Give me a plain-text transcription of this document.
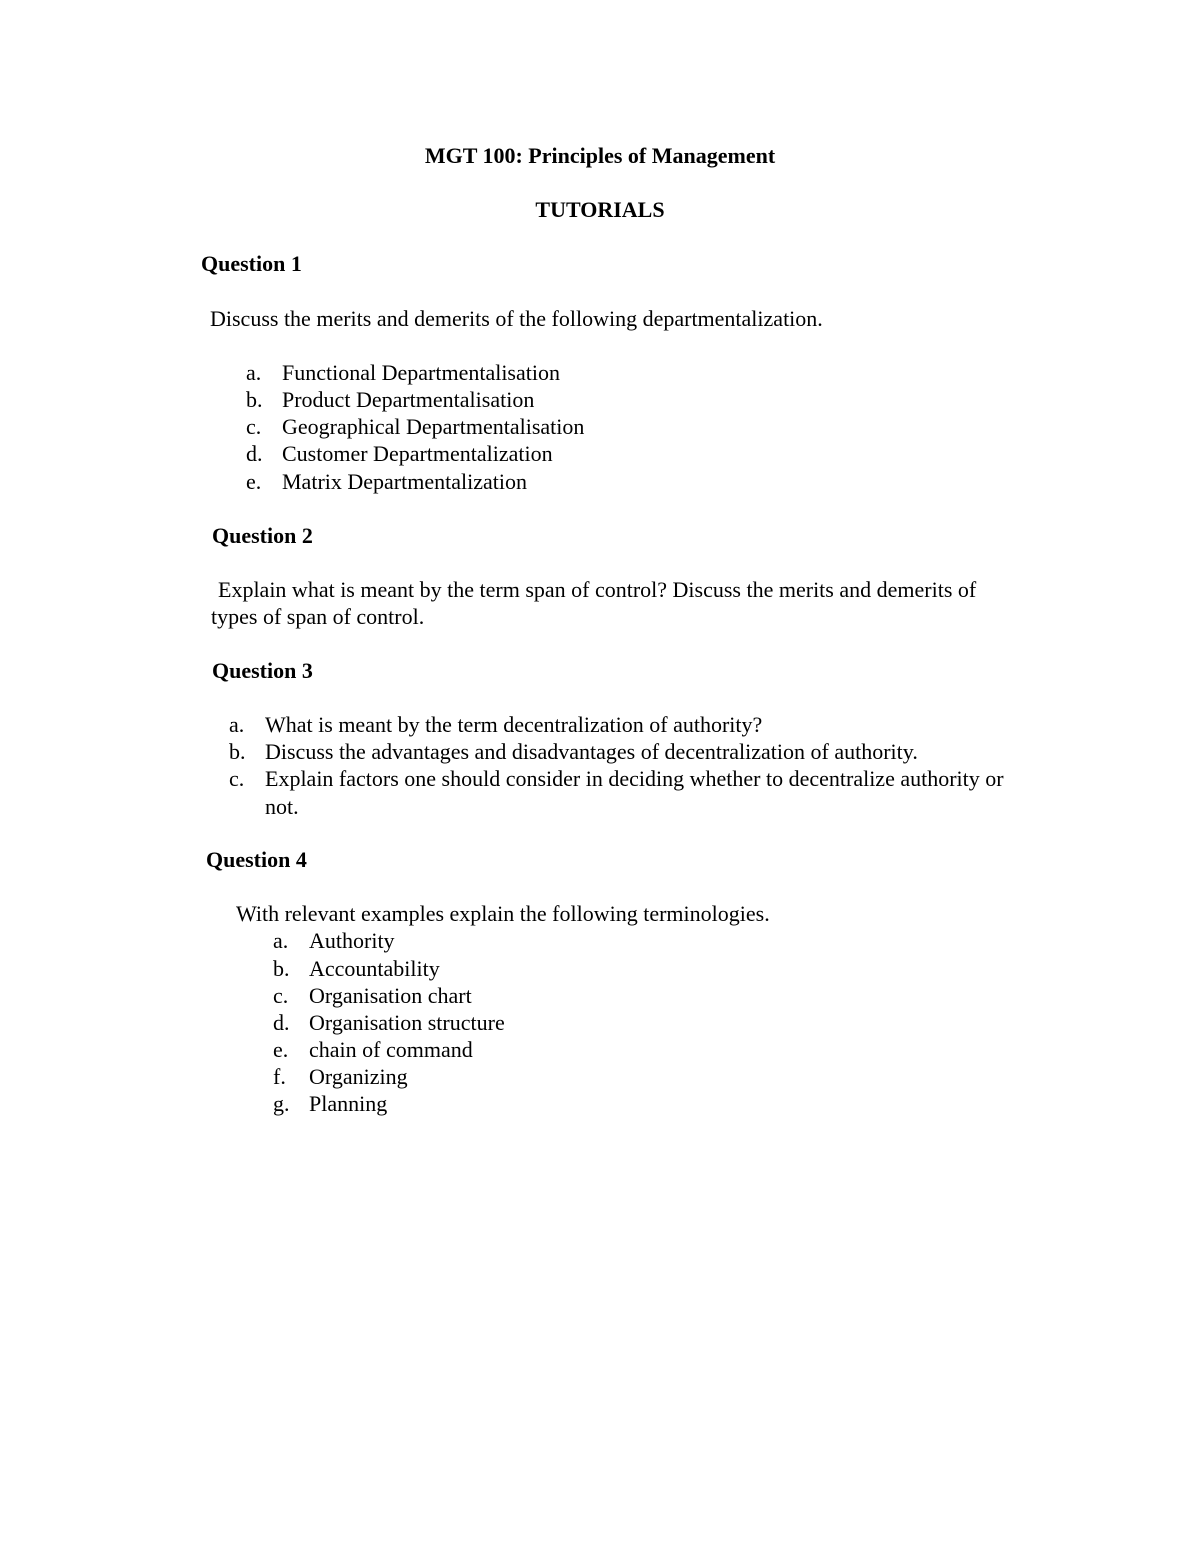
MGT 100: Principles of Management
TUTORIALS
Question 1
Discuss the merits and demerits of the following departmentalization.
a. Functional Departmentalisation
b. Product Departmentalisation
c. Geographical Departmentalisation
d. Customer Departmentalization
e. Matrix Departmentalization
Question 2
Explain what is meant by the term span of control? Discuss the merits and demerits of
types of span of control.
Question 3
a. What is meant by the term decentralization of authority?
b. Discuss the advantages and disadvantages of decentralization of authority.
c. Explain factors one should consider in deciding whether to decentralize authority or
not.
Question 4
With relevant examples explain the following terminologies.
a. Authority
b. Accountability
c. Organisation chart
d. Organisation structure
e. chain of command
f. Organizing
g. Planning
